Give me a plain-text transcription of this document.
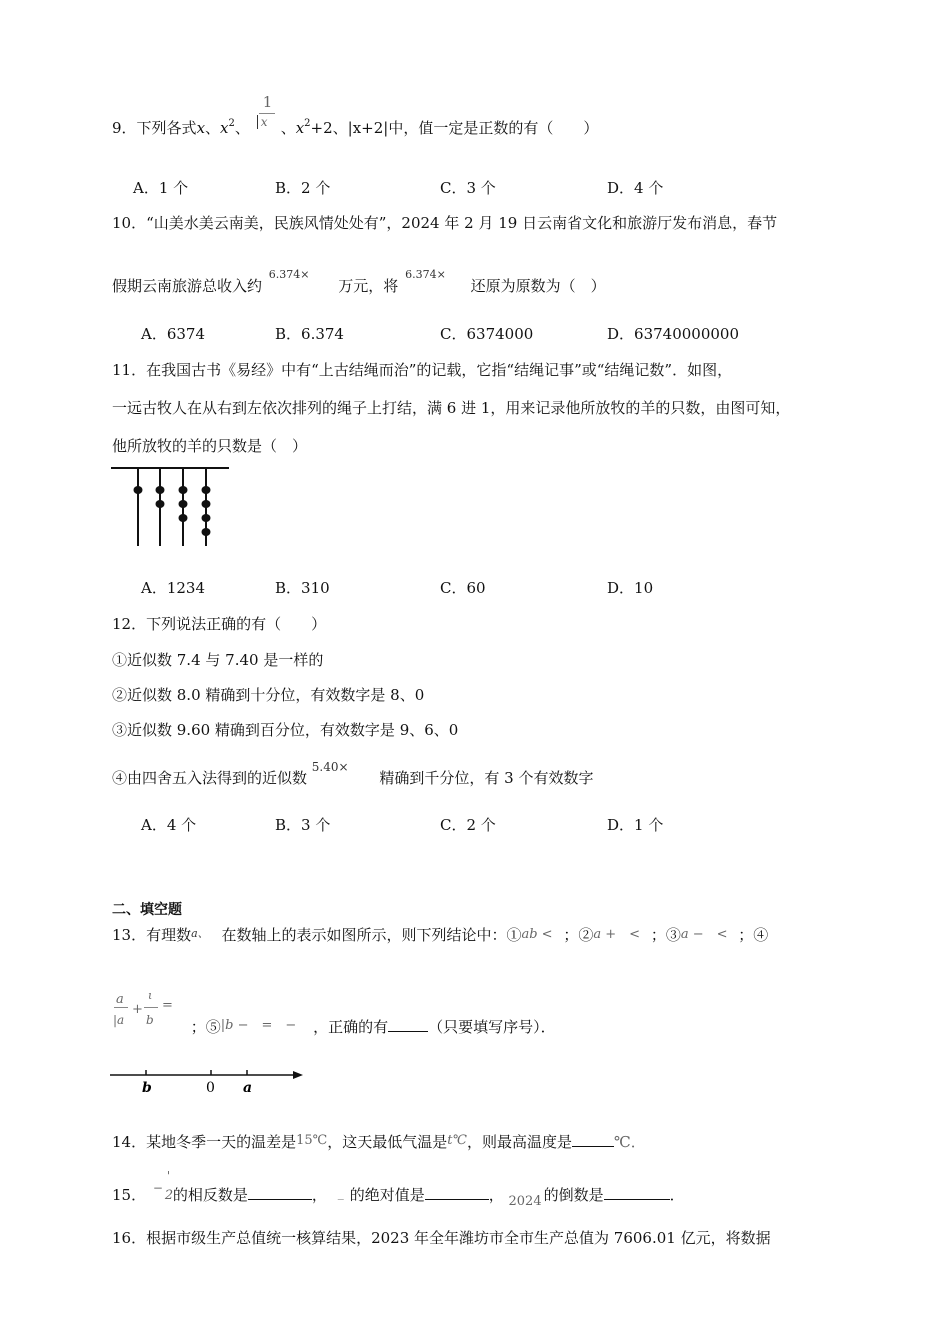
9．下列各式x、$x^2$、
1
x 、$x^2+2$、|x+2|中，值一定是正数的有（　　）
A．1 个	B．2 个	C．3 个	D．4 个
10．“山美水美云南美，民族风情处处有”，2024 年 2 月 19 日云南省文化和旅游厅发布消息，春节
假期云南旅游总收入约 $^{6.374\times}$ 万元，将 $^{6.374\times}$ 还原为原数为（　）
A．6374	B．6.374	C．6374000	D．63740000000
11．在我国古书《易经》中有“上古结绳而治”的记载，它指“结绳记事”或“结绳记数”．如图，
一远古牧人在从右到左依次排列的绳子上打结，满 6 进 1，用来记录他所放牧的羊的只数，由图可知，
他所放牧的羊的只数是（　）
A．1234	B．310	C．60	D．10
12．下列说法正确的有（　　）
①近似数 7.4 与 7.40 是一样的
②近似数 8.0 精确到十分位，有效数字是 8、0
③近似数 9.60 精确到百分位，有效数字是 9、6、0
④由四舍五入法得到的近似数 $^{5.40\times}$ 精确到千分位，有 3 个有效数字
A．4 个	B．3 个	C．2 个	D．1 个
二、填空题
13．有理数$^{a、}$ 在数轴上的表示如图所示，则下列结论中：①ab < ；②a +　< ；③a −　< ；④
a
|a
+
ι
b
=
；⑤|b −　=　− ，正确的有	（只要填写序号）．
b	0 a
14．某地冬季一天的温差是15℃，这天最低气温是t℃，则最高温度是	℃．
15．
'
− 2 的相反数是	， _ 的绝对值是	， 2024 的倒数是	．
16．根据市级生产总值统一核算结果，2023 年全年潍坊市全市生产总值为 7606.01 亿元，将数据
